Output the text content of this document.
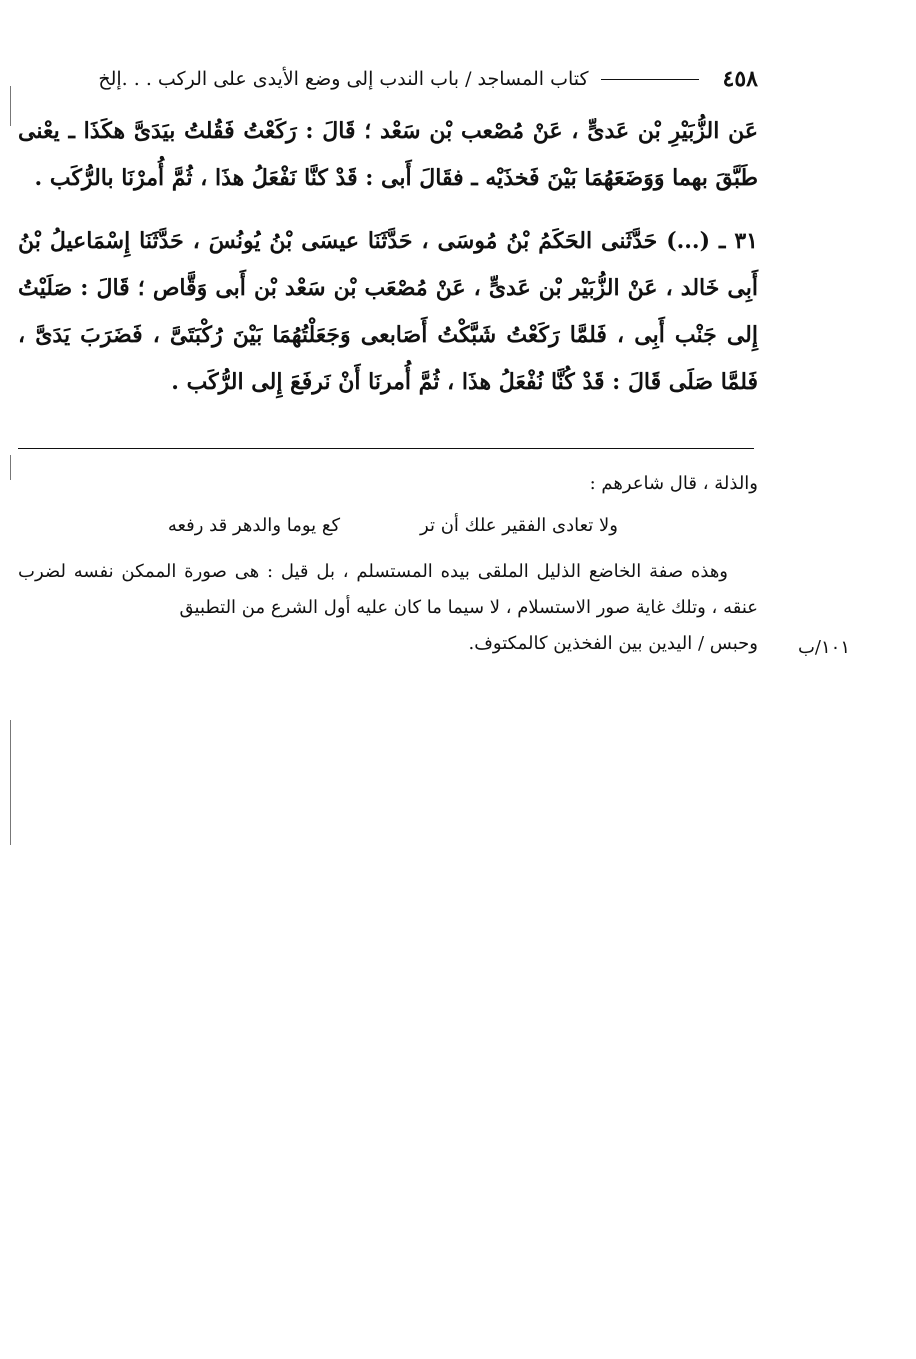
٤٥٨
كتاب المساجد / باب الندب إلى وضع الأيدى على الركب . . .إلخ

عَن الزُّبَيْرِ بْن عَدىٍّ ، عَنْ مُصْعب بْن سَعْد ؛ قَالَ : رَكَعْتُ فَقُلتُ بيَدَىَّ هكَذَا ـ يعْنى طَبَّقَ بهما وَوَضَعَهُمَا بَيْنَ فَخذَيْه ـ فقَالَ أَبى : قَدْ كنَّا نَفْعَلُ هذَا ، ثُمَّ أُمرْنَا بالرُّكَب .

٣١ ـ (...) حَدَّثَنى الحَكَمُ بْنُ مُوسَى ، حَدَّثَنَا عيسَى بْنُ يُونُسَ ، حَدَّثَنَا إِسْمَاعيلُ بْنُ أَبِى خَالد ، عَنْ الزُّبَيْر بْن عَدىٍّ ، عَنْ مُصْعَب بْن سَعْد بْن أَبى وَقَّاص ؛ قَالَ : صَلَيْتُ إِلى جَنْب أَبِى ، فَلمَّا رَكَعْتُ شَبَّكْتُ أَصَابعى وَجَعَلْتُهُمَا بَيْنَ رُكْبَتَىَّ ، فَضَرَبَ يَدَىَّ ، فَلمَّا صَلَى قَالَ : قَدْ كُنَّا نُفْعَلُ هذَا ، ثُمَّ أُمرنَا أَنْ نَرفَعَ إِلى الرُّكَب .

والذلة ، قال شاعرهم :

ولا تعادى الفقير علك أن تر
كع يوما والدهر قد رفعه

وهذه صفة الخاضع الذليل الملقى بيده المستسلم ، بل قيل : هى صورة الممكن نفسه لضرب عنقه ، وتلك غاية صور الاستسلام ، لا سيما ما كان عليه أول الشرع من التطبيق

وحبس / اليدين بين الفخذين كالمكتوف.	١٠١/ب
